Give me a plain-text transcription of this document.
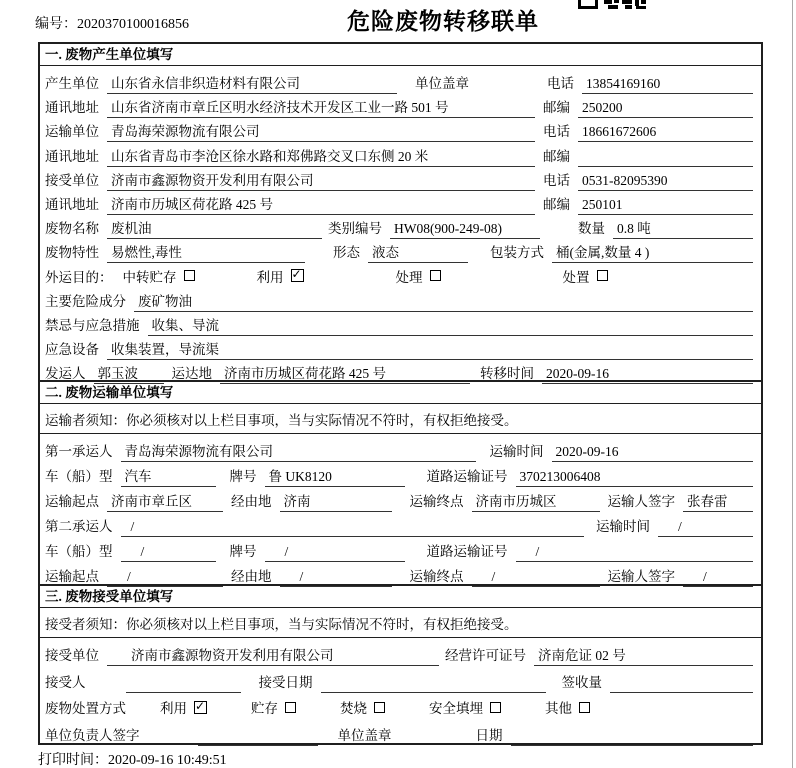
编号：2020370100016856	危险废物转移联单
一. 废物产生单位填写
产生单位 山东省永信非织造材料有限公司	单位盖章	电话 13854169160
通讯地址 山东省济南市章丘区明水经济技术开发区工业一路 501 号	邮编 250200
运输单位 青岛海荣源物流有限公司	电话 18661672606
通讯地址 山东省青岛市李沧区徐水路和郑佛路交叉口东侧 20 米	邮编
接受单位 济南市鑫源物资开发利用有限公司	电话 0531-82095390
通讯地址 济南市历城区荷花路 425 号	邮编 250101
废物名称 废机油	类别编号 HW08(900-249-08)	数量 0.8 吨
废物特性 易燃性,毒性	形态 液态	包装方式 桶(金属,数量 4 )
外运目的： 中转贮存	利用 ✓	处理	处置
主要危险成分 废矿物油
禁忌与应急措施 收集、导流
应急设备 收集装置，导流渠
发运人 郭玉波	运达地 济南市历城区荷花路 425 号	转移时间 2020-09-16
二. 废物运输单位填写
运输者须知：你必须核对以上栏目事项，当与实际情况不符时，有权拒绝接受。
第一承运人 青岛海荣源物流有限公司	运输时间 2020-09-16
车（船）型 汽车	牌号 鲁 UK8120	道路运输证号 370213006408
运输起点 济南市章丘区	经由地 济南	运输终点 济南市历城区	运输人签字 张春雷
第二承运人	/	运输时间	/
车（船）型	/	牌号	/	道路运输证号	/
运输起点	/	经由地	/	运输终点	/	运输人签字	/
三. 废物接受单位填写
接受者须知：你必须核对以上栏目事项，当与实际情况不符时，有权拒绝接受。
接受单位	济南市鑫源物资开发利用有限公司	经营许可证号 济南危证 02 号
接受人	接受日期	签收量
废物处置方式	利用 ✓	贮存	焚烧	安全填埋	其他
单位负责人签字	单位盖章	日期
打印时间：2020-09-16 10:49:51
